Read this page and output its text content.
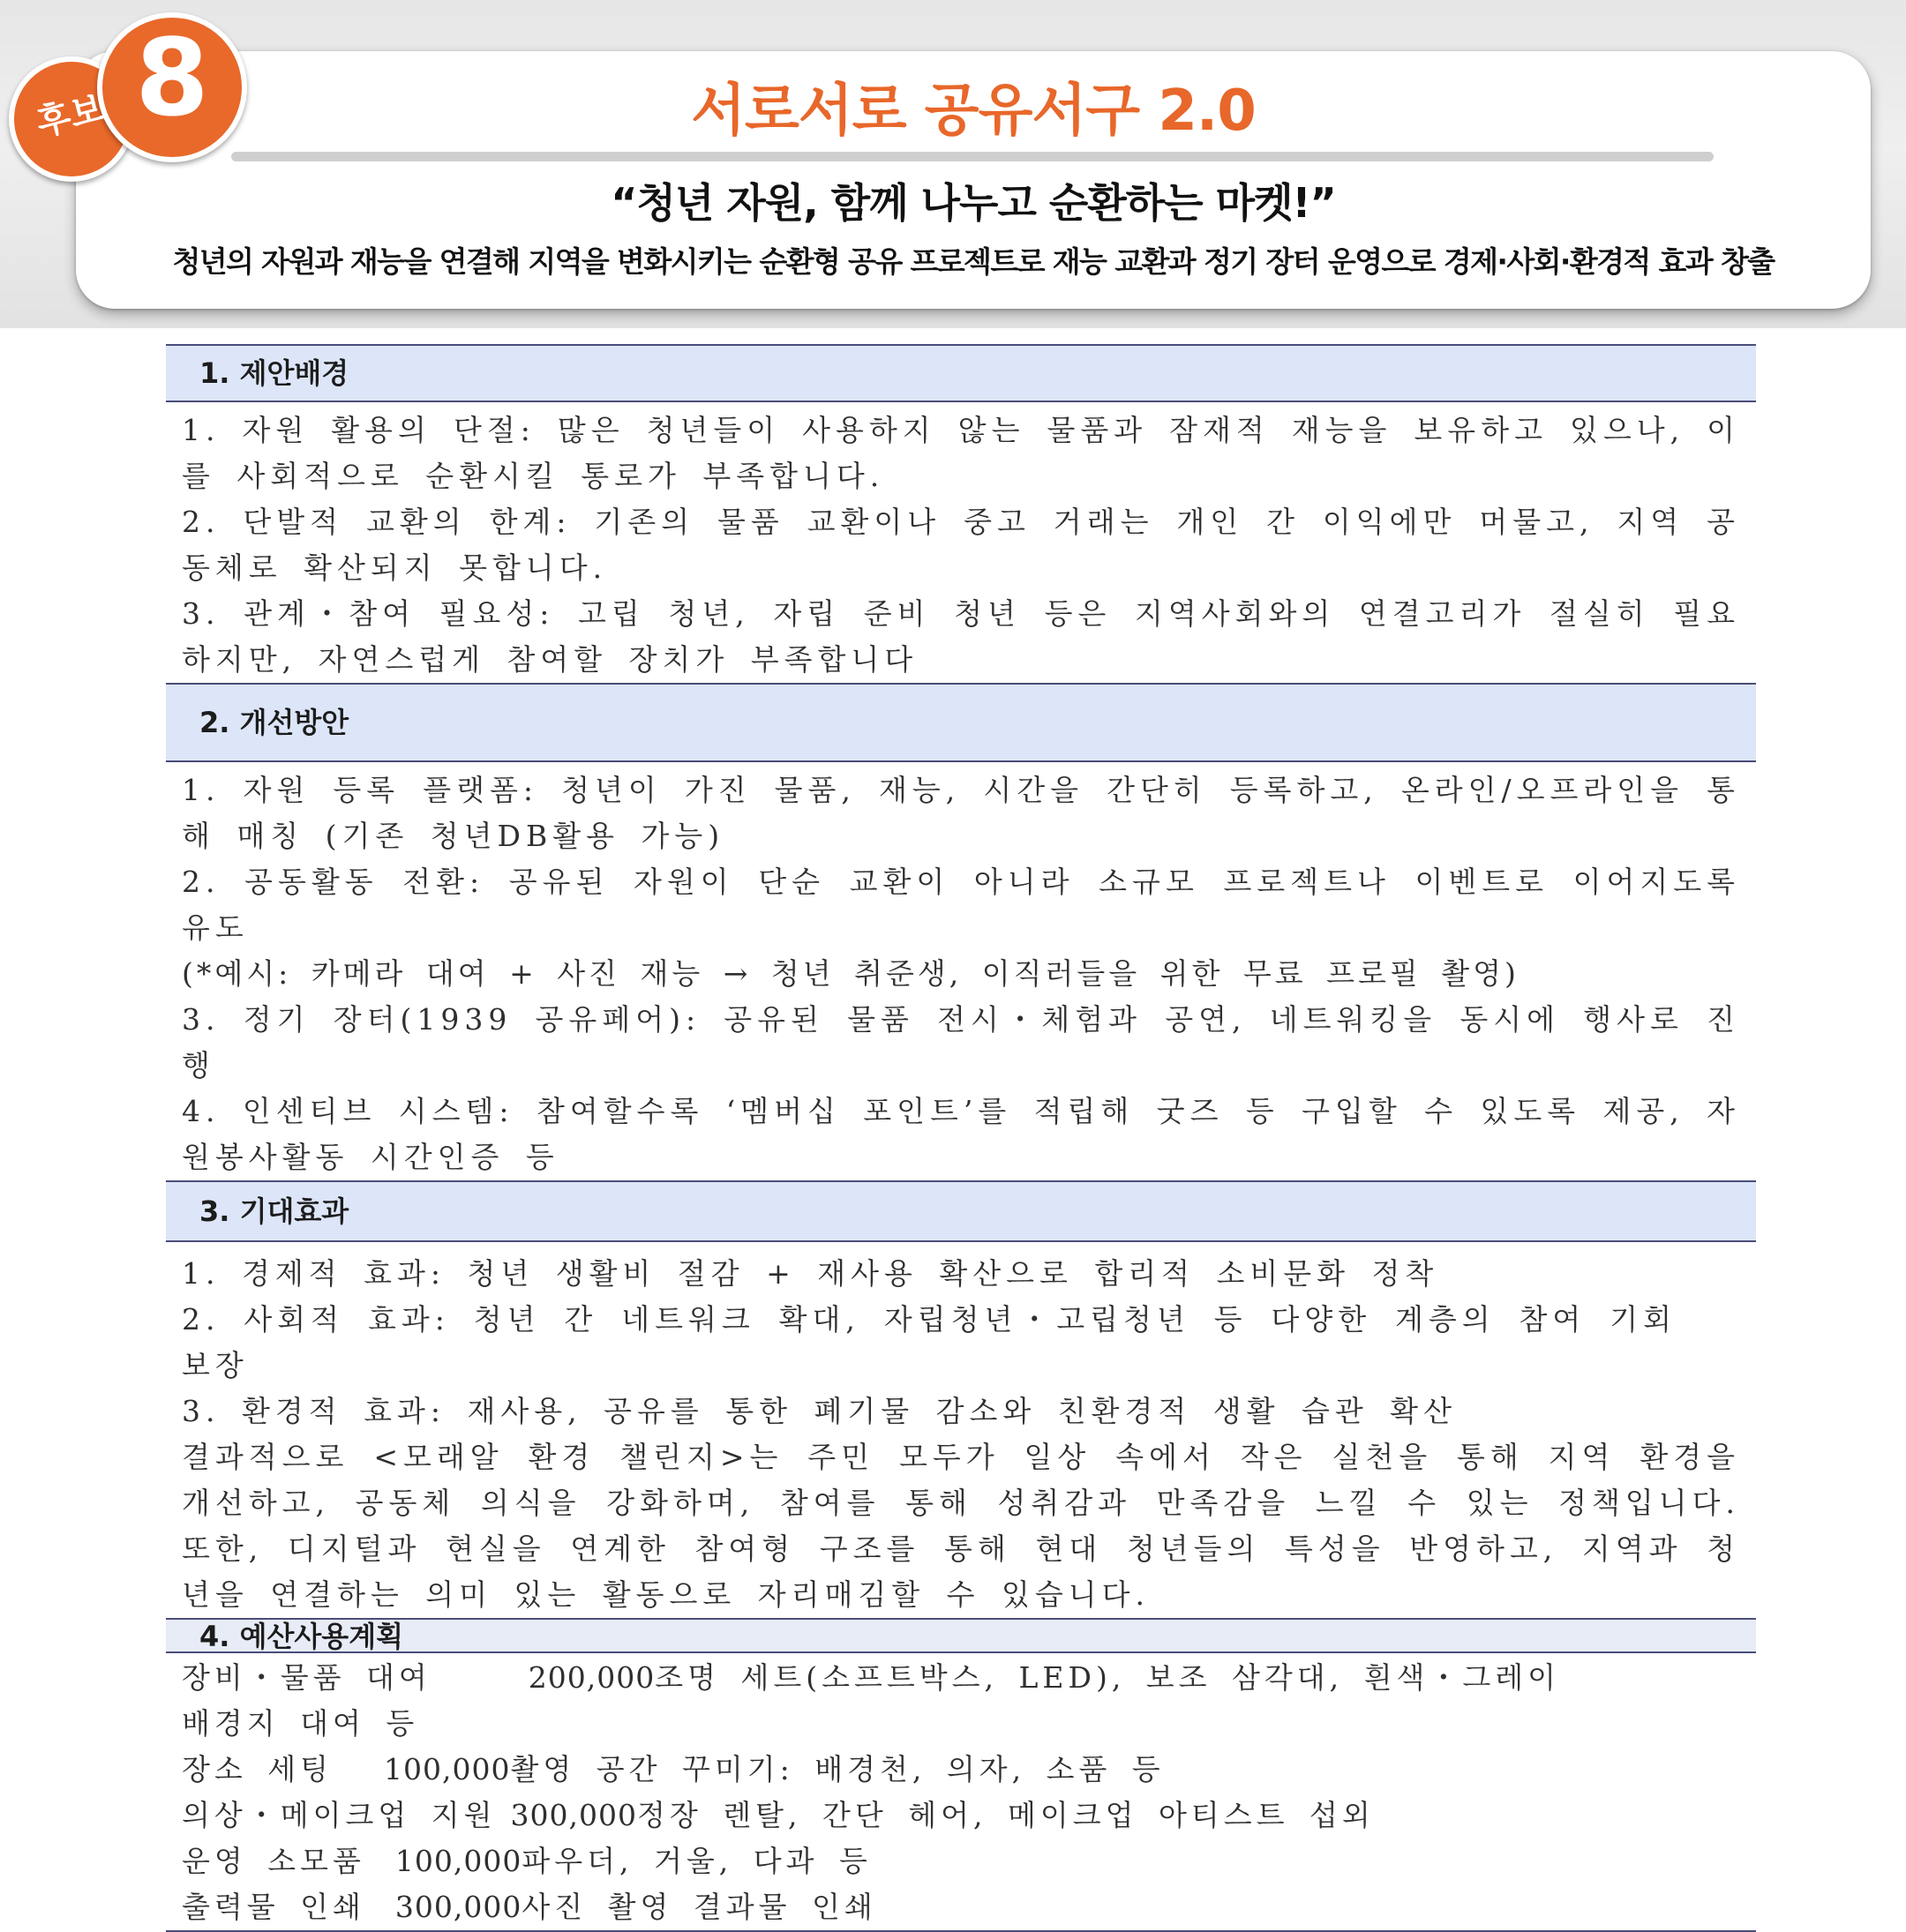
서로서로 공유서구 2.0
“청년 자원, 함께 나누고 순환하는 마켓!”
청년의 자원과 재능을 연결해 지역을 변화시키는 순환형 공유 프로젝트로 재능 교환과 정기 장터 운영으로 경제·사회·환경적 효과 창출
후보 8
1. 제안배경

1. 자원 활용의 단절: 많은 청년들이 사용하지 않는 물품과 잠재적 재능을 보유하고 있으나, 이를 사회적으로 순환시킬 통로가 부족합니다.

2. 단발적 교환의 한계: 기존의 물품 교환이나 중고 거래는 개인 간 이익에만 머물고, 지역 공동체로 확산되지 못합니다.

3. 관계・참여 필요성: 고립 청년, 자립 준비 청년 등은 지역사회와의 연결고리가 절실히 필요하지만, 자연스럽게 참여할 장치가 부족합니다

2. 개선방안

1. 자원 등록 플랫폼: 청년이 가진 물품, 재능, 시간을 간단히 등록하고, 온라인/오프라인을 통해 매칭 (기존 청년DB활용 가능)

2. 공동활동 전환: 공유된 자원이 단순 교환이 아니라 소규모 프로젝트나 이벤트로 이어지도록 유도

(*예시: 카메라 대여 + 사진 재능 → 청년 취준생, 이직러들을 위한 무료 프로필 촬영)

3. 정기 장터(1939 공유페어): 공유된 물품 전시・체험과 공연, 네트워킹을 동시에 행사로 진행

4. 인센티브 시스템: 참여할수록 ‘멤버십 포인트’를 적립해 굿즈 등 구입할 수 있도록 제공, 자원봉사활동 시간인증 등

3. 기대효과

1. 경제적 효과: 청년 생활비 절감 + 재사용 확산으로 합리적 소비문화 정착

2. 사회적 효과: 청년 간 네트워크 확대, 자립청년・고립청년 등 다양한 계층의 참여 기회 보장

3. 환경적 효과: 재사용, 공유를 통한 폐기물 감소와 친환경적 생활 습관 확산

결과적으로 <모래알 환경 챌린지>는 주민 모두가 일상 속에서 작은 실천을 통해 지역 환경을 개선하고, 공동체 의식을 강화하며, 참여를 통해 성취감과 만족감을 느낄 수 있는 정책입니다. 또한, 디지털과 현실을 연계한 참여형 구조를 통해 현대 청년들의 특성을 반영하고, 지역과 청년을 연결하는 의미 있는 활동으로 자리매김할 수 있습니다.

4. 예산사용계획
장비・물품 대여	200,000조명 세트(소프트박스, LED), 보조 삼각대, 흰색・그레이
배경지 대여 등
장소 세팅 100,000촬영 공간 꾸미기: 배경천, 의자, 소품 등
의상・메이크업 지원 300,000정장 렌탈, 간단 헤어, 메이크업 아티스트 섭외
운영 소모품 100,000파우더, 거울, 다과 등
출력물 인쇄 300,000사진 촬영 결과물 인쇄
